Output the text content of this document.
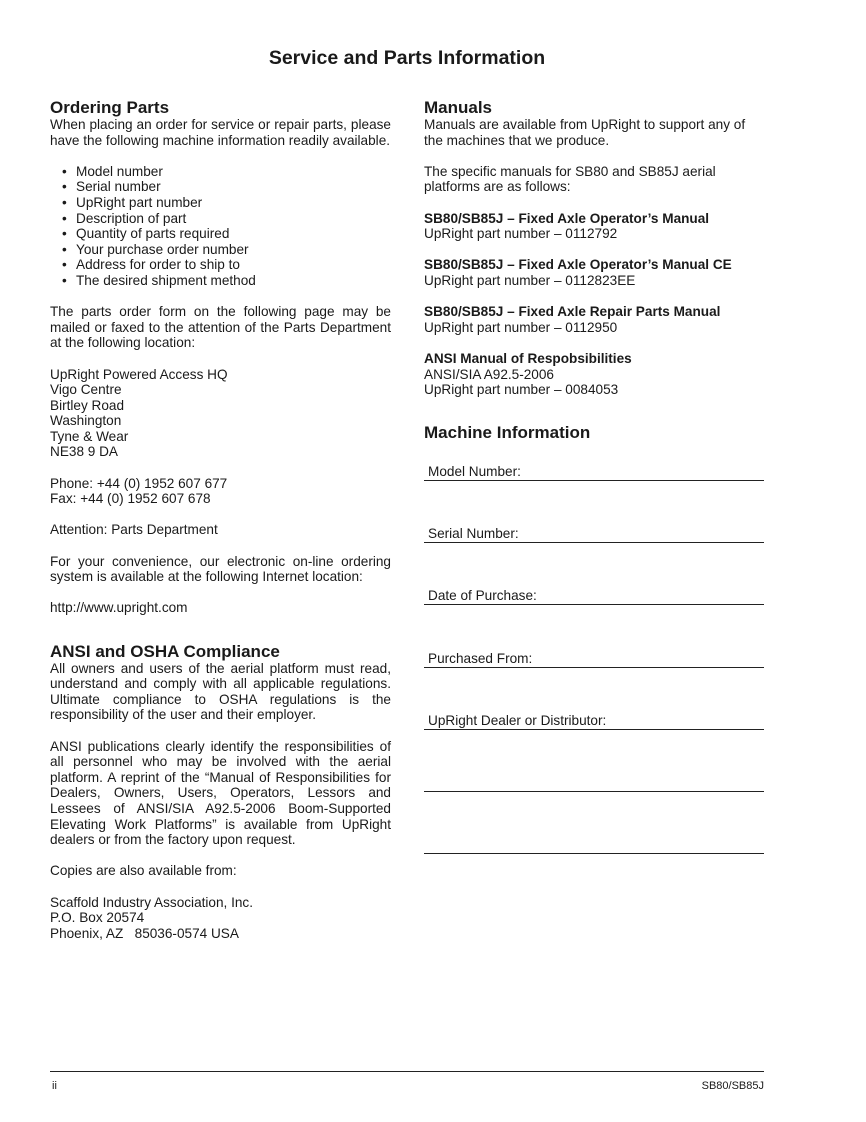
Service and Parts Information

Ordering Parts

When placing an order for service or repair parts, please have the following machine information readily available.

• Model number
• Serial number
• UpRight part number
• Description of part
• Quantity of parts required
• Your purchase order number
• Address for order to ship to
• The desired shipment method

The parts order form on the following page may be mailed or faxed to the attention of the Parts Department at the following location:

UpRight Powered Access HQ
Vigo Centre
Birtley Road
Washington
Tyne & Wear
NE38 9 DA

Phone: +44 (0) 1952 607 677

Fax: +44 (0) 1952 607 678

Attention: Parts Department

For your convenience, our electronic on-line ordering system is available at the following Internet location:

http://www.upright.com

ANSI and OSHA Compliance

All owners and users of the aerial platform must read, understand and comply with all applicable regulations. Ultimate compliance to OSHA regulations is the responsibility of the user and their employer.

ANSI publications clearly identify the responsibilities of all personnel who may be involved with the aerial platform. A reprint of the “Manual of Responsibilities for Dealers, Owners, Users, Operators, Lessors and Lessees of ANSI/SIA A92.5-2006 Boom-Supported Elevating Work Platforms” is available from UpRight dealers or from the factory upon request.

Copies are also available from:

Scaffold Industry Association, Inc.
P.O. Box 20574
Phoenix, AZ   85036-0574 USA

Manuals

Manuals are available from UpRight to support any of the machines that we produce.

The specific manuals for SB80 and SB85J aerial platforms are as follows:

SB80/SB85J – Fixed Axle Operator’s Manual

UpRight part number – 0112792

SB80/SB85J – Fixed Axle Operator’s Manual CE

UpRight part number – 0112823EE

SB80/SB85J – Fixed Axle Repair Parts Manual

UpRight part number – 0112950

ANSI Manual of Respobsibilities

ANSI/SIA A92.5-2006

UpRight part number – 0084053

Machine Information

Model Number:
Serial Number:
Date of Purchase:
Purchased From:
UpRight Dealer or Distributor:
ii	SB80/SB85J
